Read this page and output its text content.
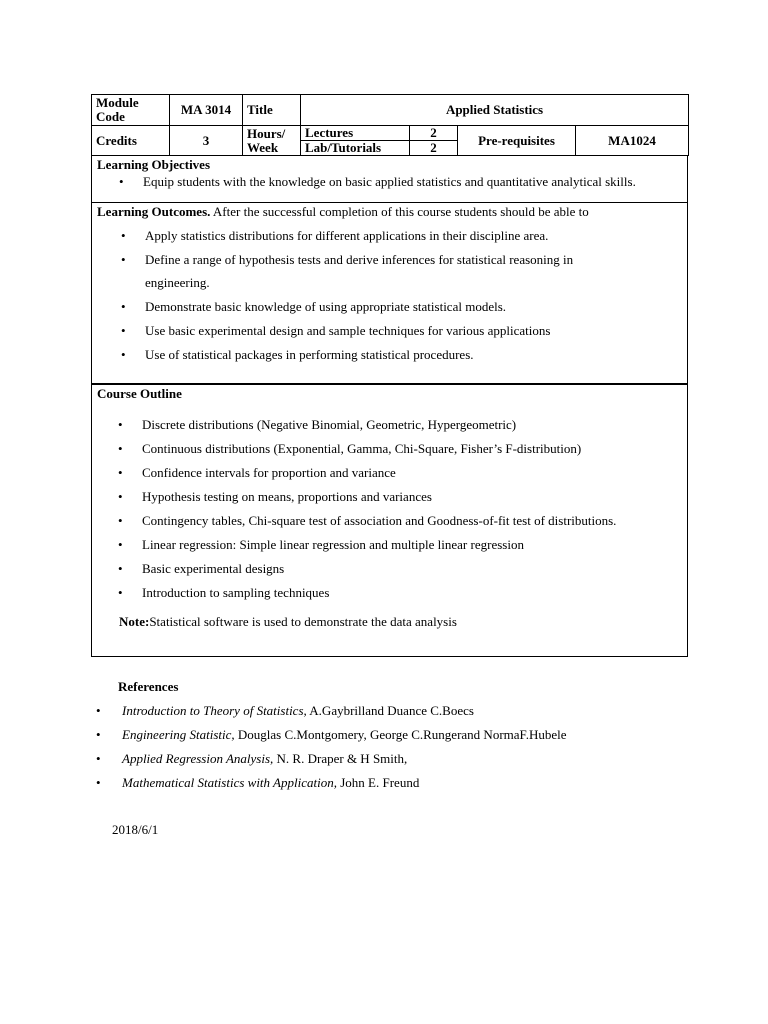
Module Code	MA 3014	Title	Applied Statistics			
Credits	3	Hours/ Week	Lectures	2	Pre-requisites	MA1024
			Lab/Tutorials	2		
Learning Objectives
• Equip students with the knowledge on basic applied statistics and quantitative analytical skills.
Learning Outcomes. After the successful completion of this course students should be able to
• Apply statistics distributions for different applications in their discipline area.
• Define a range of hypothesis tests and derive inferences for statistical reasoning in
engineering.
• Demonstrate basic knowledge of using appropriate statistical models.
• Use basic experimental design and sample techniques for various applications
• Use of statistical packages in performing statistical procedures.
Course Outline
• Discrete distributions (Negative Binomial, Geometric, Hypergeometric)
• Continuous distributions (Exponential, Gamma, Chi-Square, Fisher’s F-distribution)
• Confidence intervals for proportion and variance
• Hypothesis testing on means, proportions and variances
• Contingency tables, Chi-square test of association and Goodness-of-fit test of distributions.
• Linear regression: Simple linear regression and multiple linear regression
• Basic experimental designs
• Introduction to sampling techniques
Note:Statistical software is used to demonstrate the data analysis
References
• Introduction to Theory of Statistics, A.Gaybrilland Duance C.Boecs
• Engineering Statistic, Douglas C.Montgomery, George C.Rungerand NormaF.Hubele
• Applied Regression Analysis, N. R. Draper & H Smith,
• Mathematical Statistics with Application, John E. Freund
2018/6/1
